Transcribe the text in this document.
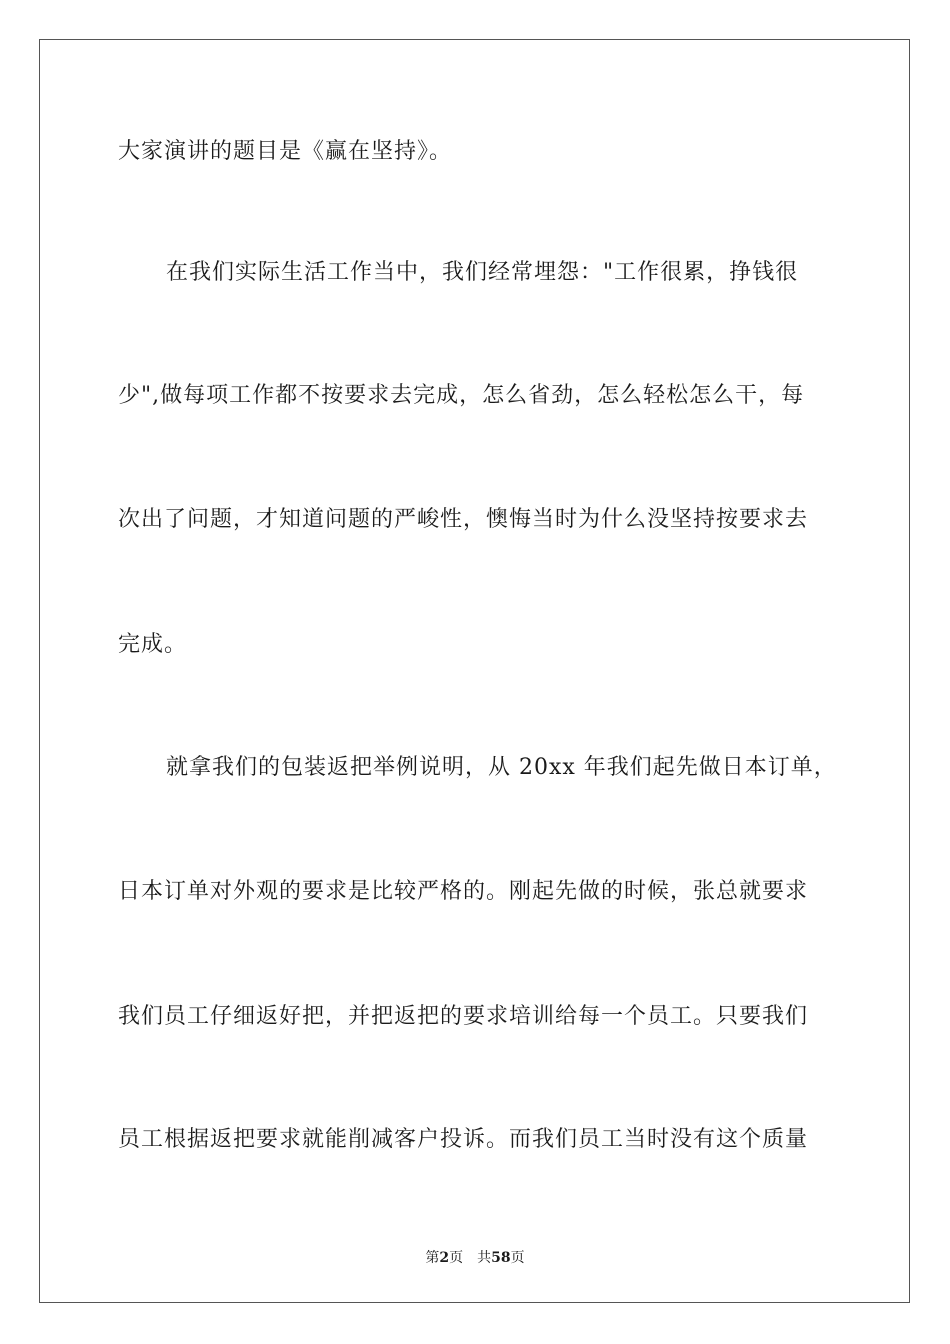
大家演讲的题目是《赢在坚持》。
在我们实际生活工作当中，我们经常埋怨："工作很累，挣钱很
少",做每项工作都不按要求去完成，怎么省劲，怎么轻松怎么干，每
次出了问题，才知道问题的严峻性，懊悔当时为什么没坚持按要求去
完成。
就拿我们的包装返把举例说明，从 20xx 年我们起先做日本订单，
日本订单对外观的要求是比较严格的。刚起先做的时候，张总就要求
我们员工仔细返好把，并把返把的要求培训给每一个员工。只要我们
员工根据返把要求就能削减客户投诉。而我们员工当时没有这个质量
第2页 共58页
